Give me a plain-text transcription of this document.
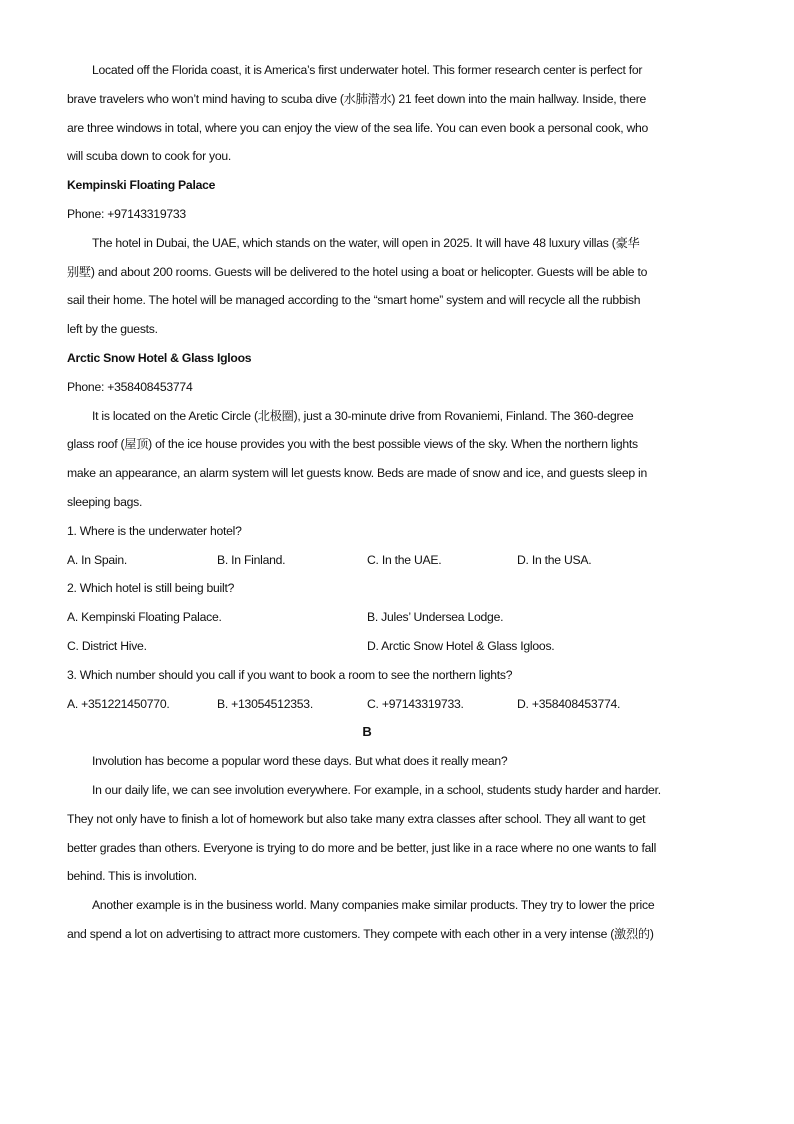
Located off the Florida coast, it is America’s first underwater hotel. This former research center is perfect for
brave travelers who won’t mind having to scuba dive (水肺潜水) 21 feet down into the main hallway. Inside, there
are three windows in total, where you can enjoy the view of the sea life. You can even book a personal cook, who
will scuba down to cook for you.
Kempinski Floating Palace
Phone: +97143319733
The hotel in Dubai, the UAE, which stands on the water, will open in 2025. It will have 48 luxury villas (豪华
别墅) and about 200 rooms. Guests will be delivered to the hotel using a boat or helicopter. Guests will be able to
sail their home. The hotel will be managed according to the “smart home” system and will recycle all the rubbish
left by the guests.
Arctic Snow Hotel & Glass Igloos
Phone: +358408453774
It is located on the Aretic Circle (北极圈), just a 30-minute drive from Rovaniemi, Finland. The 360-degree
glass roof (屋顶) of the ice house provides you with the best possible views of the sky. When the northern lights
make an appearance, an alarm system will let guests know. Beds are made of snow and ice, and guests sleep in
sleeping bags.
1. Where is the underwater hotel?
A. In Spain.	B. In Finland.	C. In the UAE.	D. In the USA.
2. Which hotel is still being built?
A. Kempinski Floating Palace.	B. Jules’ Undersea Lodge.
C. District Hive.	D. Arctic Snow Hotel & Glass Igloos.
3. Which number should you call if you want to book a room to see the northern lights?
A. +351221450770.	B. +13054512353.	C. +97143319733.	D. +358408453774.
B
Involution has become a popular word these days. But what does it really mean?
In our daily life, we can see involution everywhere. For example, in a school, students study harder and harder.
They not only have to finish a lot of homework but also take many extra classes after school. They all want to get
better grades than others. Everyone is trying to do more and be better, just like in a race where no one wants to fall
behind. This is involution.
Another example is in the business world. Many companies make similar products. They try to lower the price
and spend a lot on advertising to attract more customers. They compete with each other in a very intense (激烈的)
